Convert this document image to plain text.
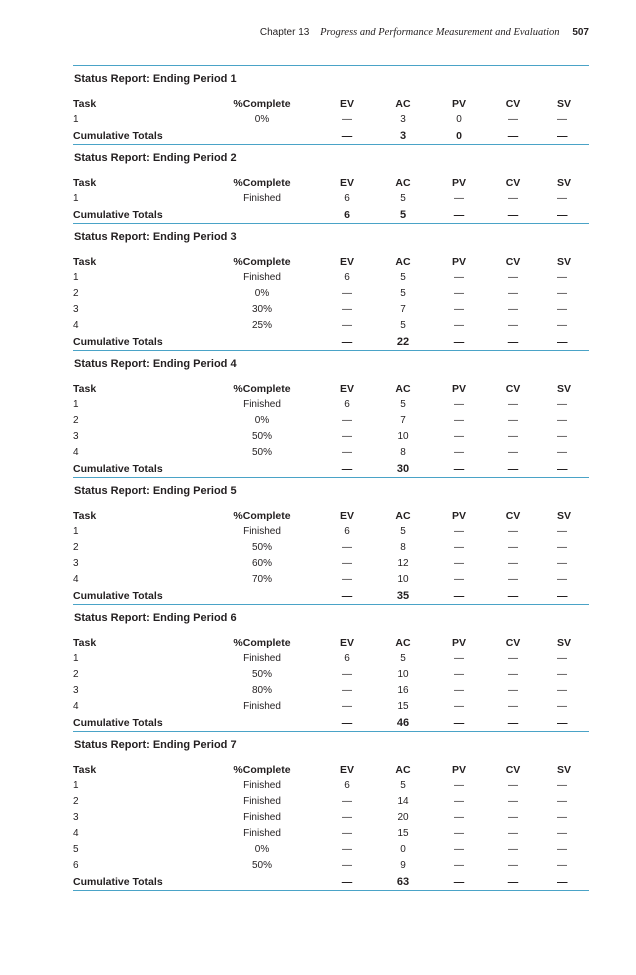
Chapter 13 Progress and Performance Measurement and Evaluation 507
Status Report: Ending Period 1
Task	%Complete		EV		AC		PV		CV		SV
1	0%		—		3		0		—		—
Cumulative Totals			—		3		0		—		—
Status Report: Ending Period 2
Task	%Complete		EV		AC		PV		CV		SV
1	Finished		6		5		—		—		—
Cumulative Totals			6		5		—		—		—
Status Report: Ending Period 3
Task	%Complete		EV		AC		PV		CV		SV
1	Finished		6		5		—		—		—
2	0%		—		5		—		—		—
3	30%		—		7		—		—		—
4	25%		—		5		—		—		—
Cumulative Totals			—		22		—		—		—
Status Report: Ending Period 4
Task	%Complete		EV		AC		PV		CV		SV
1	Finished		6		5		—		—		—
2	0%		—		7		—		—		—
3	50%		—		10		—		—		—
4	50%		—		8		—		—		—
Cumulative Totals			—		30		—		—		—
Status Report: Ending Period 5
Task	%Complete		EV		AC		PV		CV		SV
1	Finished		6		5		—		—		—
2	50%		—		8		—		—		—
3	60%		—		12		—		—		—
4	70%		—		10		—		—		—
Cumulative Totals			—		35		—		—		—
Status Report: Ending Period 6
Task	%Complete		EV		AC		PV		CV		SV
1	Finished		6		5		—		—		—
2	50%		—		10		—		—		—
3	80%		—		16		—		—		—
4	Finished		—		15		—		—		—
Cumulative Totals			—		46		—		—		—
Status Report: Ending Period 7
Task	%Complete		EV		AC		PV		CV		SV
1	Finished		6		5		—		—		—
2	Finished		—		14		—		—		—
3	Finished		—		20		—		—		—
4	Finished		—		15		—		—		—
5	0%		—		0		—		—		—
6	50%		—		9		—		—		—
Cumulative Totals			—		63		—		—		—
